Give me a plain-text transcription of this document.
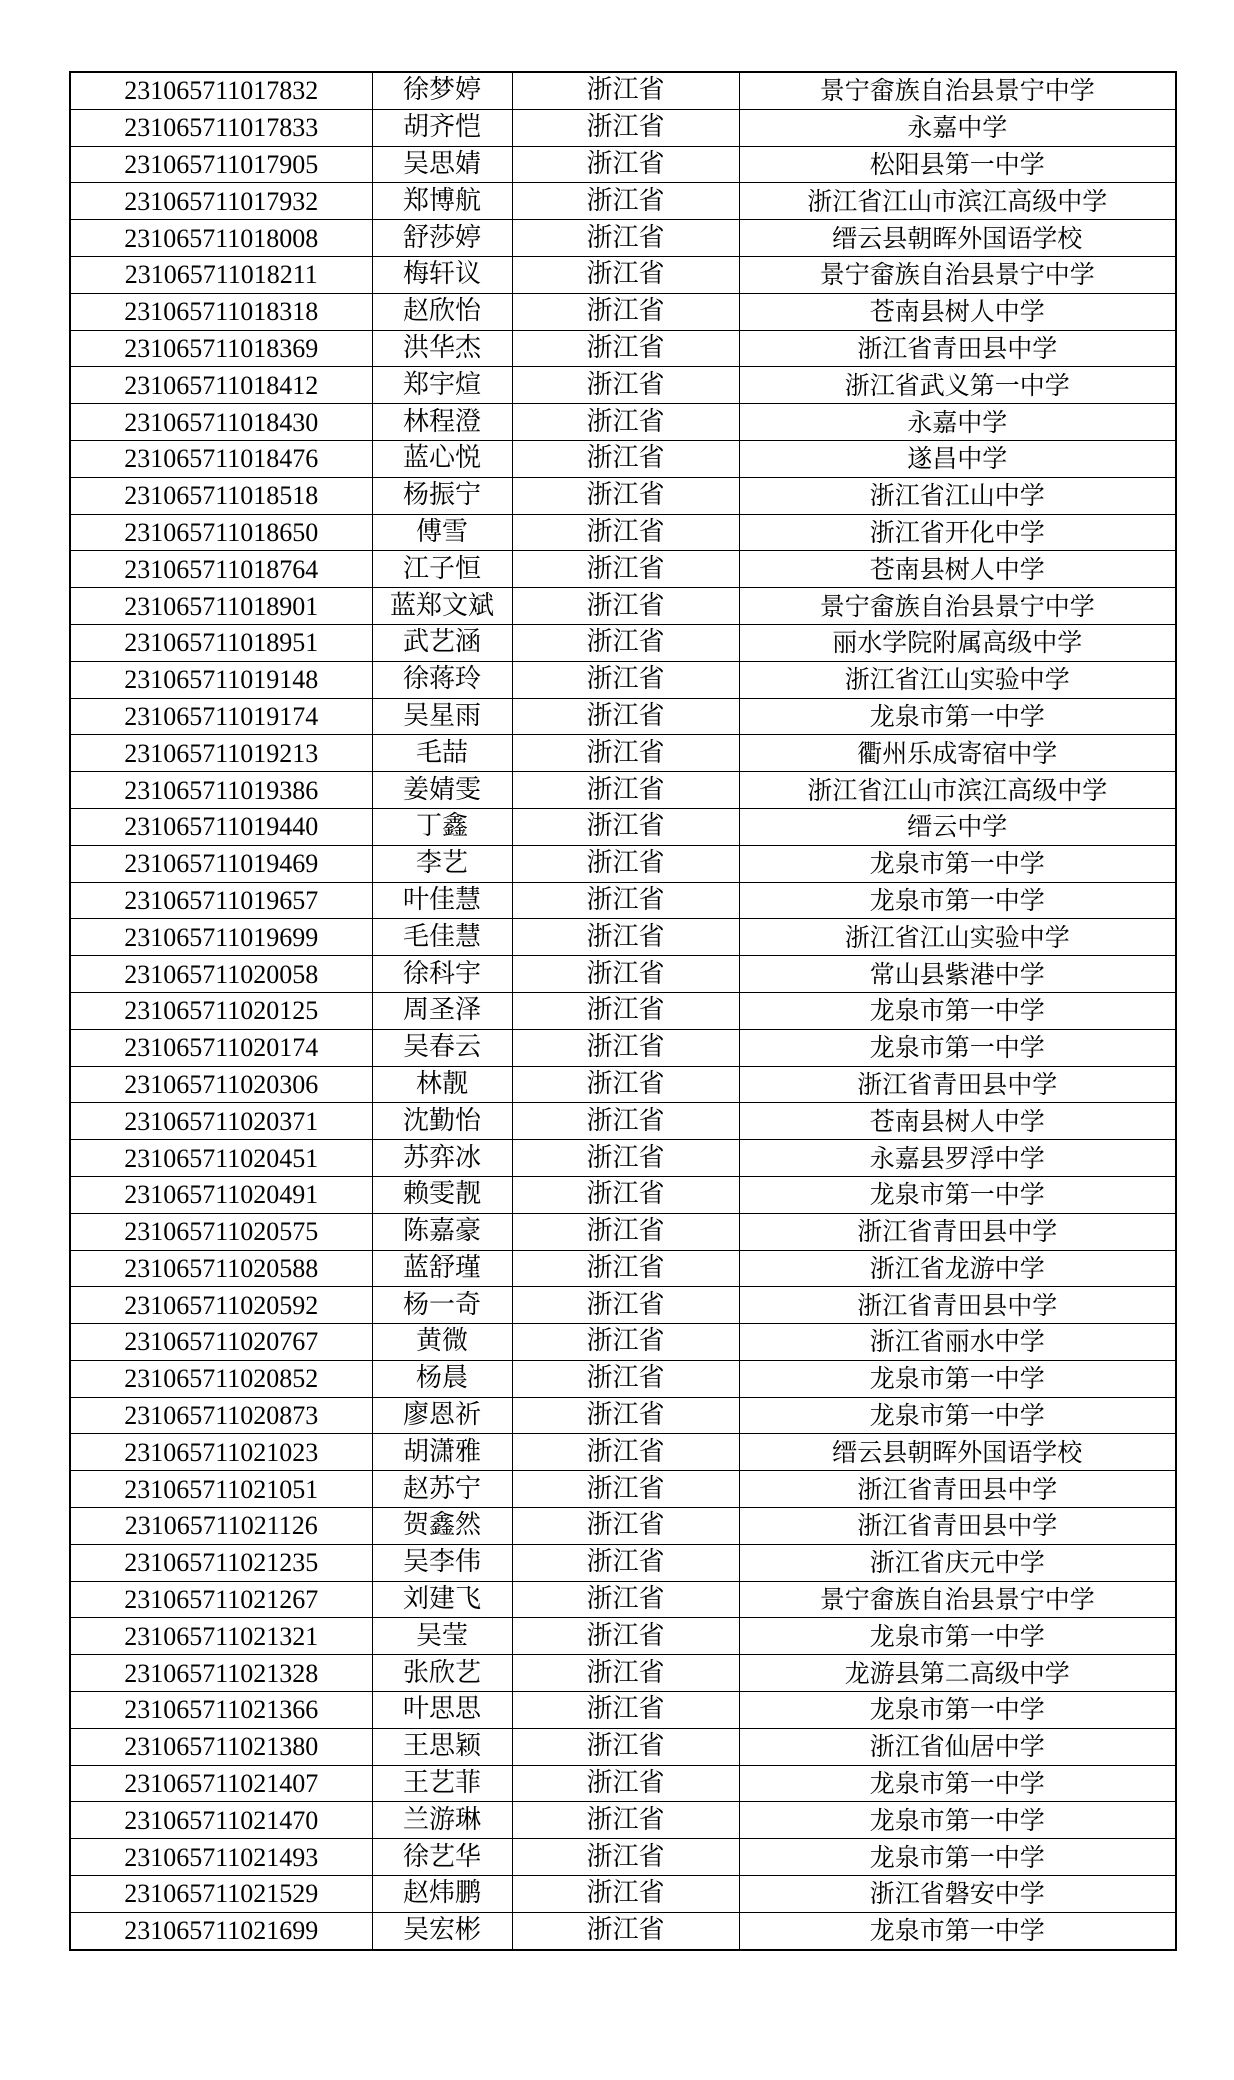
231065711017832	徐梦婷	浙江省	景宁畲族自治县景宁中学
231065711017833	胡齐恺	浙江省	永嘉中学
231065711017905	吴思婧	浙江省	松阳县第一中学
231065711017932	郑博航	浙江省	浙江省江山市滨江高级中学
231065711018008	舒莎婷	浙江省	缙云县朝晖外国语学校
231065711018211	梅轩议	浙江省	景宁畲族自治县景宁中学
231065711018318	赵欣怡	浙江省	苍南县树人中学
231065711018369	洪华杰	浙江省	浙江省青田县中学
231065711018412	郑宇煊	浙江省	浙江省武义第一中学
231065711018430	林程澄	浙江省	永嘉中学
231065711018476	蓝心悦	浙江省	遂昌中学
231065711018518	杨振宁	浙江省	浙江省江山中学
231065711018650	傅雪	浙江省	浙江省开化中学
231065711018764	江子恒	浙江省	苍南县树人中学
231065711018901	蓝郑文斌	浙江省	景宁畲族自治县景宁中学
231065711018951	武艺涵	浙江省	丽水学院附属高级中学
231065711019148	徐蒋玲	浙江省	浙江省江山实验中学
231065711019174	吴星雨	浙江省	龙泉市第一中学
231065711019213	毛喆	浙江省	衢州乐成寄宿中学
231065711019386	姜婧雯	浙江省	浙江省江山市滨江高级中学
231065711019440	丁鑫	浙江省	缙云中学
231065711019469	李艺	浙江省	龙泉市第一中学
231065711019657	叶佳慧	浙江省	龙泉市第一中学
231065711019699	毛佳慧	浙江省	浙江省江山实验中学
231065711020058	徐科宇	浙江省	常山县紫港中学
231065711020125	周圣泽	浙江省	龙泉市第一中学
231065711020174	吴春云	浙江省	龙泉市第一中学
231065711020306	林靓	浙江省	浙江省青田县中学
231065711020371	沈勤怡	浙江省	苍南县树人中学
231065711020451	苏弈冰	浙江省	永嘉县罗浮中学
231065711020491	赖雯靓	浙江省	龙泉市第一中学
231065711020575	陈嘉豪	浙江省	浙江省青田县中学
231065711020588	蓝舒瑾	浙江省	浙江省龙游中学
231065711020592	杨一奇	浙江省	浙江省青田县中学
231065711020767	黄微	浙江省	浙江省丽水中学
231065711020852	杨晨	浙江省	龙泉市第一中学
231065711020873	廖恩祈	浙江省	龙泉市第一中学
231065711021023	胡潇雅	浙江省	缙云县朝晖外国语学校
231065711021051	赵苏宁	浙江省	浙江省青田县中学
231065711021126	贺鑫然	浙江省	浙江省青田县中学
231065711021235	吴李伟	浙江省	浙江省庆元中学
231065711021267	刘建飞	浙江省	景宁畲族自治县景宁中学
231065711021321	吴莹	浙江省	龙泉市第一中学
231065711021328	张欣艺	浙江省	龙游县第二高级中学
231065711021366	叶思思	浙江省	龙泉市第一中学
231065711021380	王思颖	浙江省	浙江省仙居中学
231065711021407	王艺菲	浙江省	龙泉市第一中学
231065711021470	兰游琳	浙江省	龙泉市第一中学
231065711021493	徐艺华	浙江省	龙泉市第一中学
231065711021529	赵炜鹏	浙江省	浙江省磐安中学
231065711021699	吴宏彬	浙江省	龙泉市第一中学
